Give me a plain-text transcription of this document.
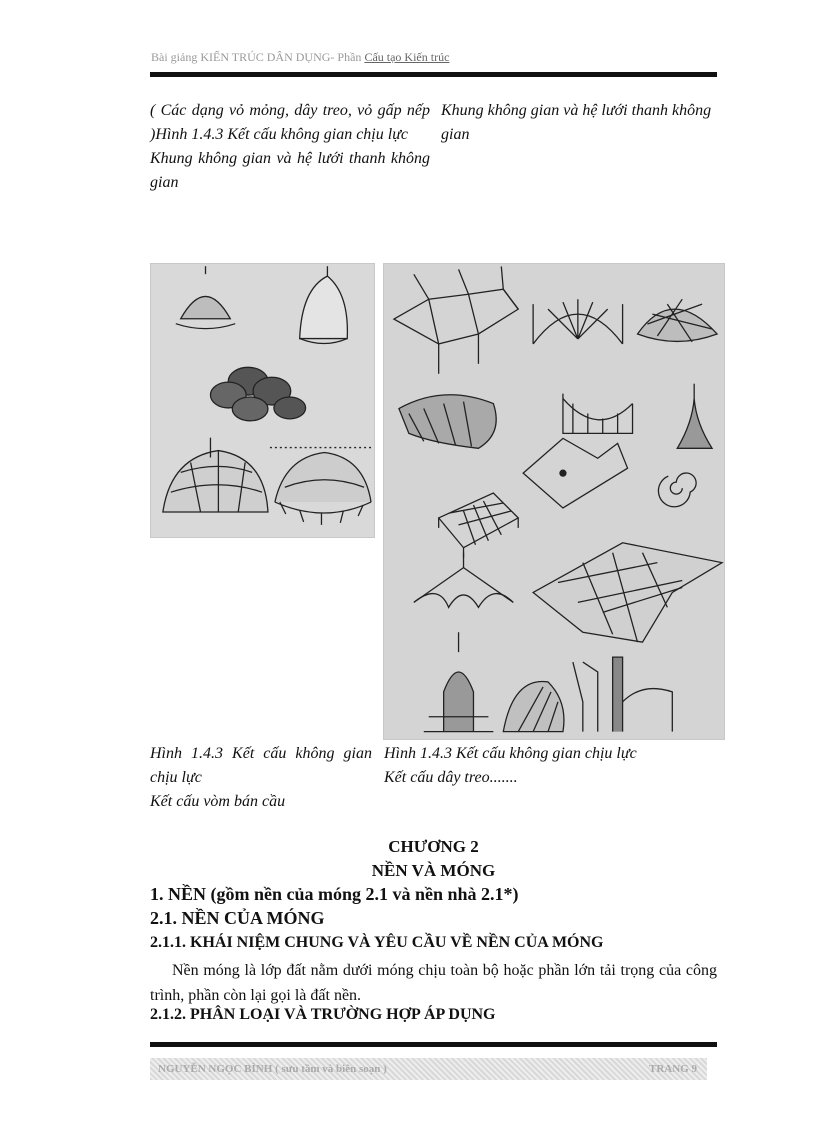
Bài giảng KIẾN TRÚC DÂN DỤNG- Phần Cấu tạo Kiến trúc
( Các dạng vỏ mỏng, dây treo, vỏ gấp nếp )Hình 1.4.3 Kết cấu không gian chịu lực
Khung không gian và hệ lưới thanh không gian
Khung không gian và hệ lưới thanh không gian
Hình 1.4.3 Kết cấu không gian chịu lực
Kết cấu vòm bán cầu
Hình 1.4.3 Kết cấu không gian chịu lực
Kết cấu dây treo.......
CHƯƠNG 2
NỀN VÀ MÓNG
1. NỀN (gồm nền của móng 2.1 và nền nhà 2.1*)
2.1. NỀN CỦA MÓNG
2.1.1. KHÁI NIỆM CHUNG VÀ YÊU CẦU VỀ NỀN CỦA MÓNG
Nền móng là lớp đất nằm dưới móng chịu toàn bộ hoặc phần lớn tải trọng của công trình, phần còn lại gọi là đất nền.
2.1.2. PHÂN LOẠI VÀ TRƯỜNG HỢP ÁP DỤNG
NGUYỄN NGỌC BÌNH ( sưu tầm và biên soạn )	TRANG 9
